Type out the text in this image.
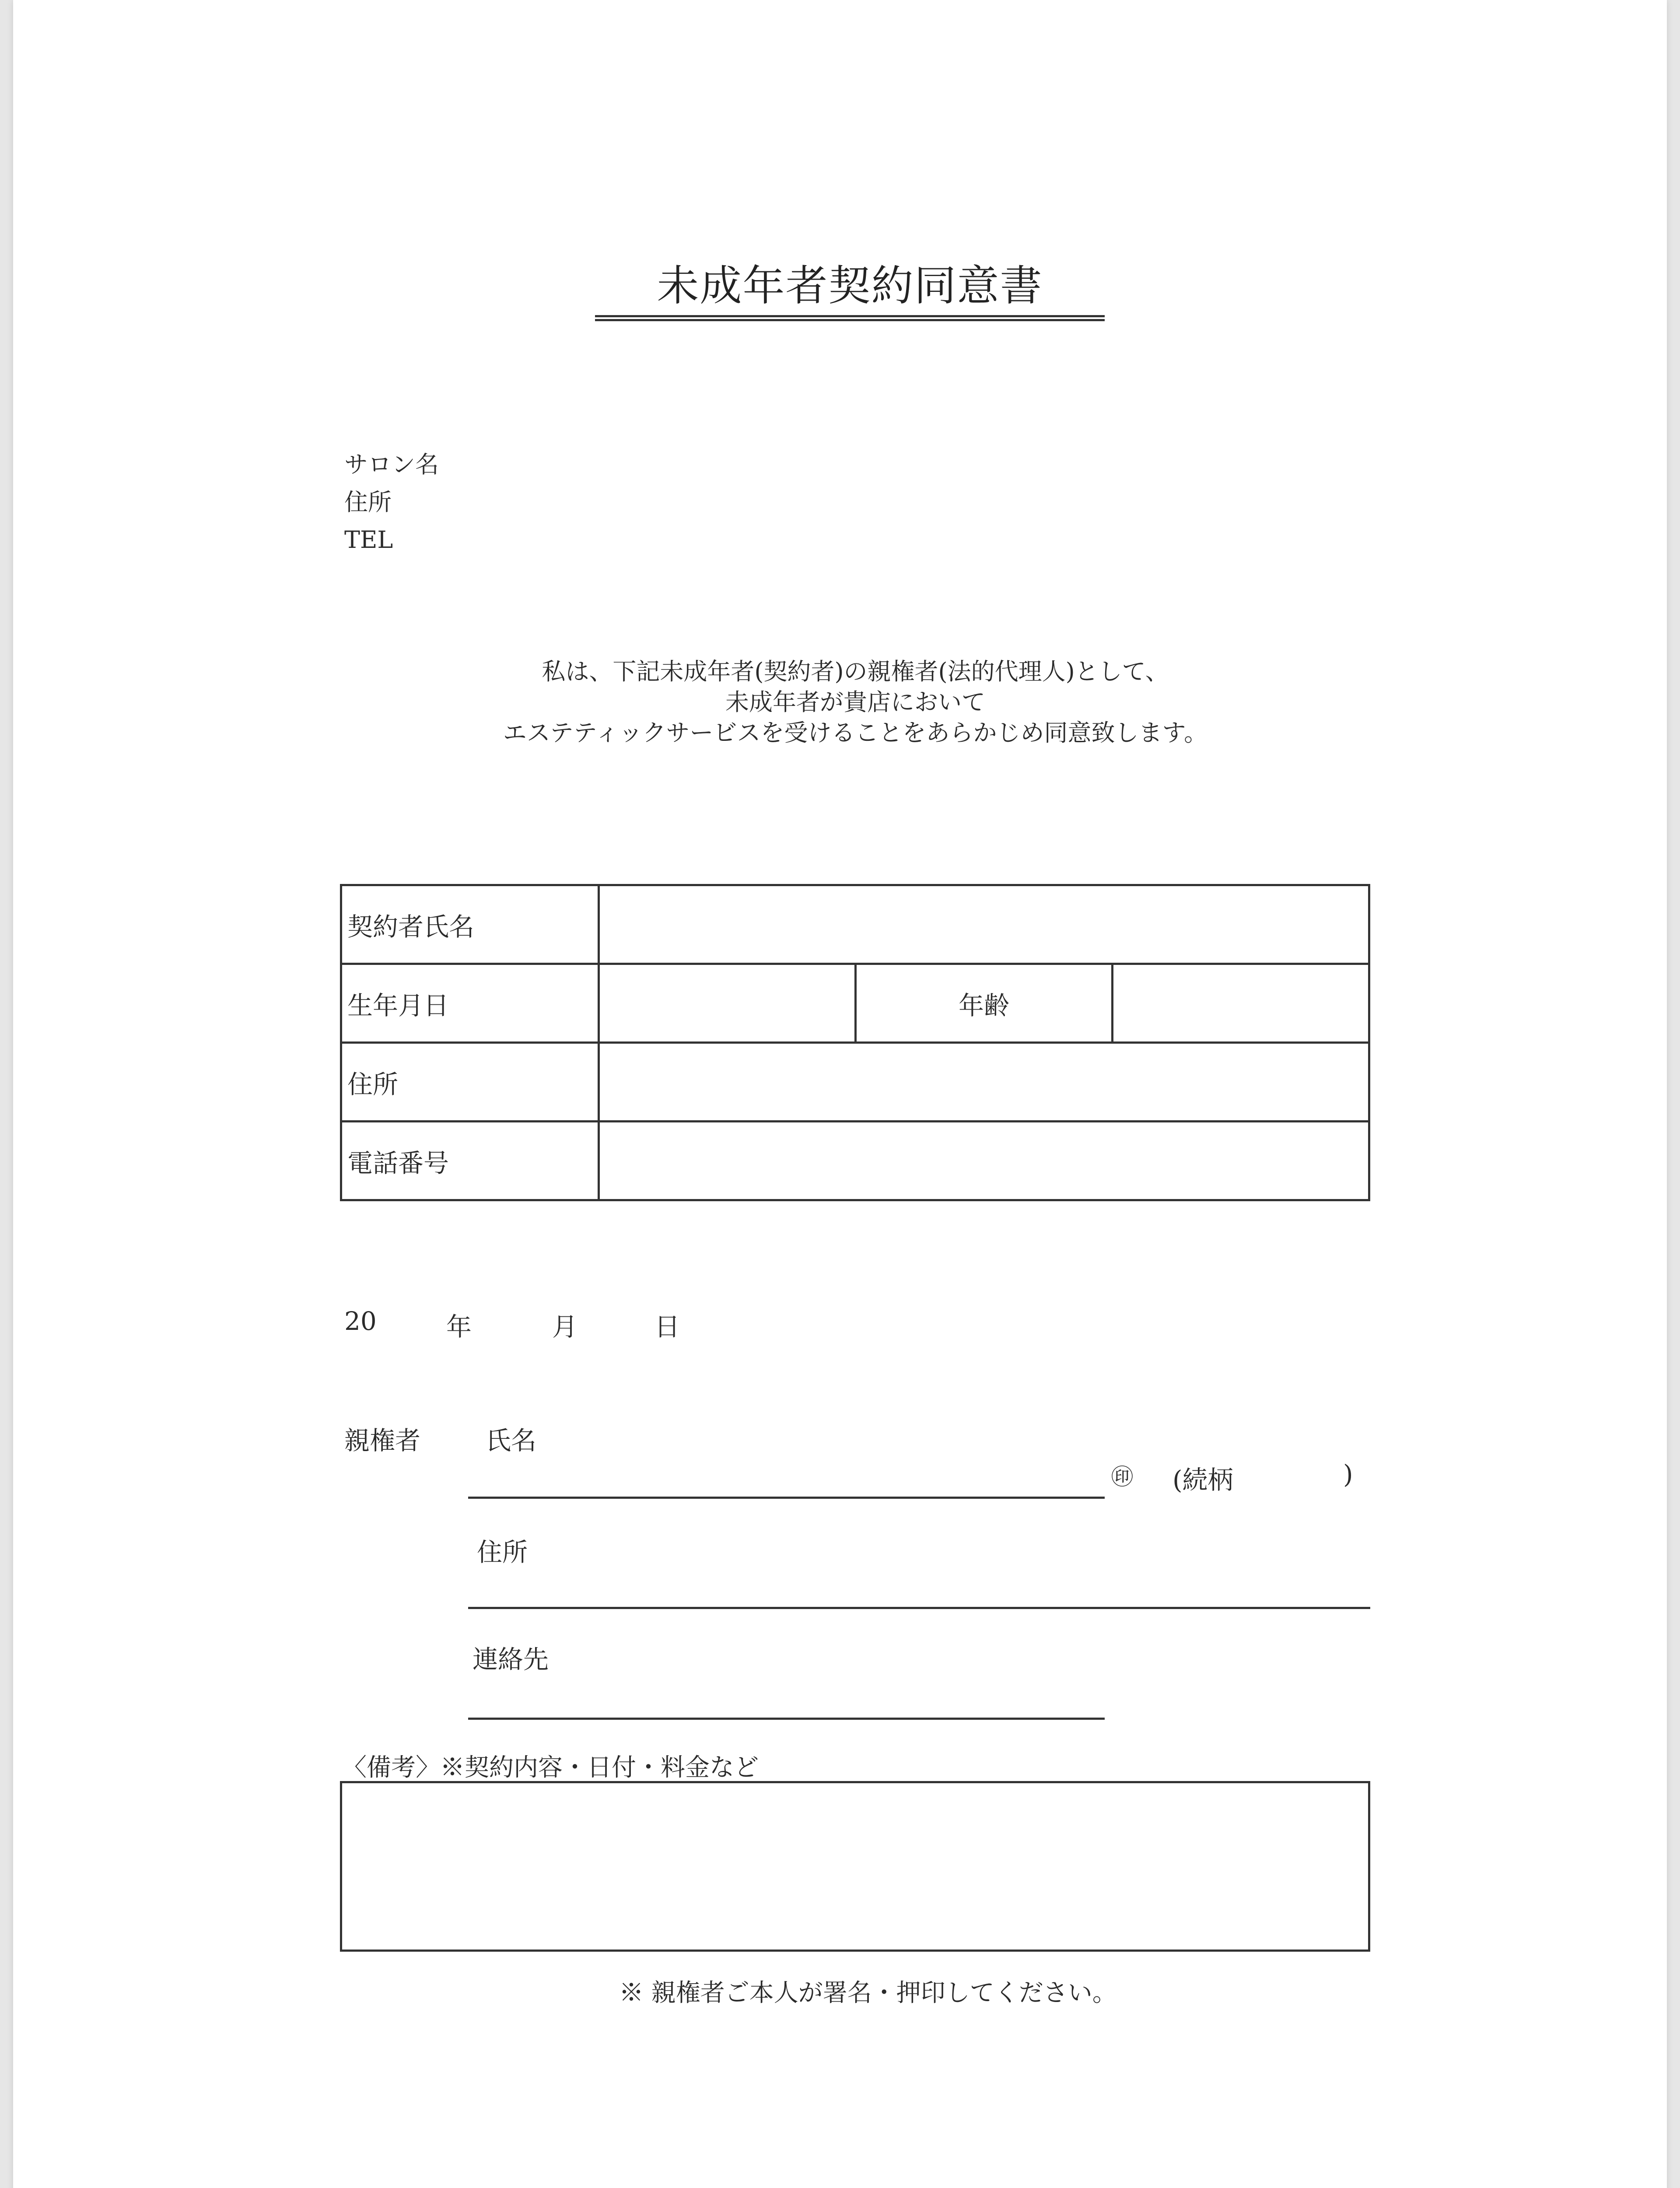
未成年者契約同意書
サロン名
住所
TEL
私は、下記未成年者(契約者)の親権者(法的代理人)として、
未成年者が貴店において
エステティックサービスを受けることをあらかじめ同意致します。
契約者氏名			
生年月日		年齢	
住所			
電話番号			
20	年	月	日
親権者	氏名
㊞ (続柄	)
住所
連絡先
〈備考〉※契約内容・日付・料金など
※ 親権者ご本人が署名・押印してください。
